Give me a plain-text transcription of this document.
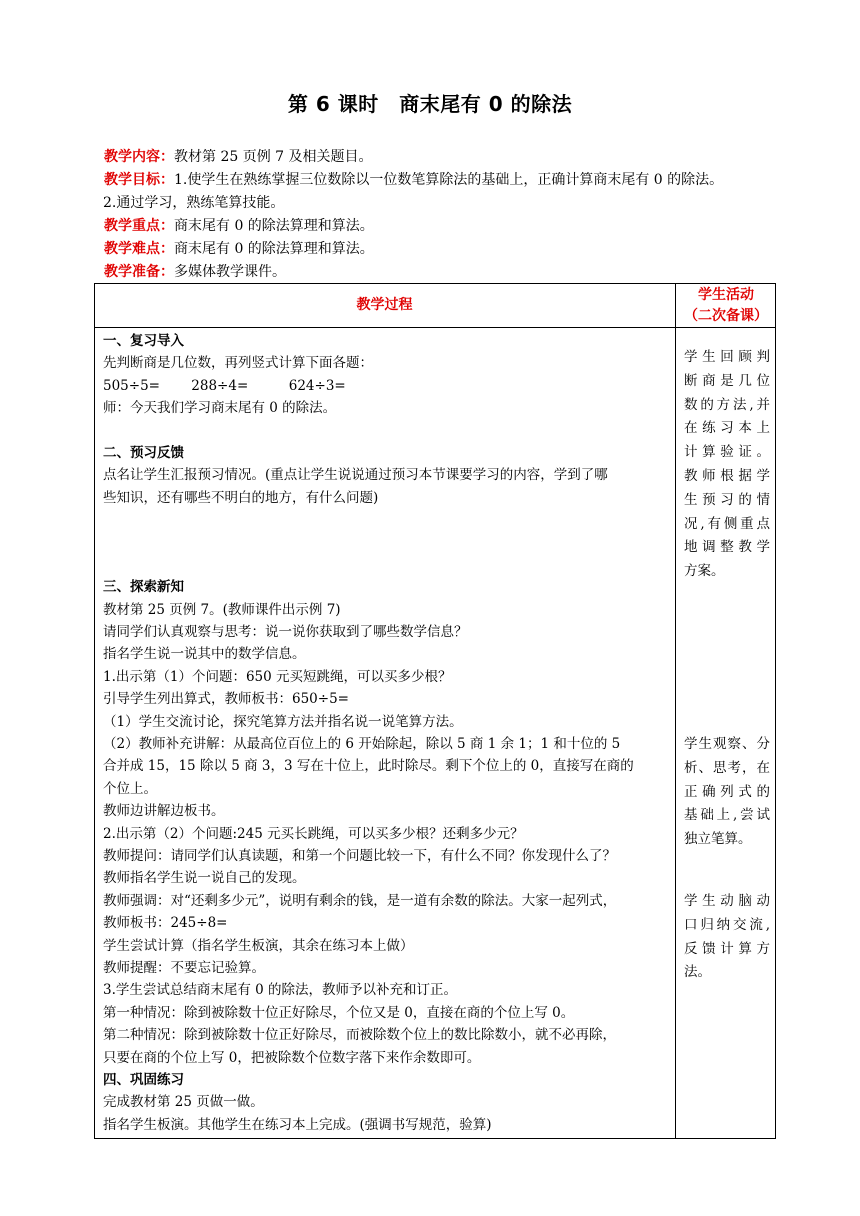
第 6 课时　商末尾有 0 的除法
教学内容：教材第 25 页例 7 及相关题目。
教学目标：1.使学生在熟练掌握三位数除以一位数笔算除法的基础上，正确计算商末尾有 0 的除法。
2.通过学习，熟练笔算技能。
教学重点：商末尾有 0 的除法算理和算法。
教学难点：商末尾有 0 的除法算理和算法。
教学准备：多媒体教学课件。
教学过程
学生活动
（二次备课）
一、复习导入
先判断商是几位数，再列竖式计算下面各题：
505÷5=　　 288÷4=　　　624÷3=
师：今天我们学习商末尾有 0 的除法。
二、预习反馈
点名让学生汇报预习情况。(重点让学生说说通过预习本节课要学习的内容，学到了哪
些知识，还有哪些不明白的地方，有什么问题)
三、探索新知
教材第 25 页例 7。(教师课件出示例 7)
请同学们认真观察与思考：说一说你获取到了哪些数学信息？
指名学生说一说其中的数学信息。
1.出示第（1）个问题：650 元买短跳绳，可以买多少根？
引导学生列出算式，教师板书：650÷5=
（1）学生交流讨论，探究笔算方法并指名说一说笔算方法。
（2）教师补充讲解：从最高位百位上的 6 开始除起，除以 5 商 1 余 1；1 和十位的 5
合并成 15，15 除以 5 商 3，3 写在十位上，此时除尽。剩下个位上的 0，直接写在商的
个位上。
教师边讲解边板书。
2.出示第（2）个问题:245 元买长跳绳，可以买多少根？还剩多少元？
教师提问：请同学们认真读题，和第一个问题比较一下，有什么不同？你发现什么了？
教师指名学生说一说自己的发现。
教师强调：对“还剩多少元”，说明有剩余的钱，是一道有余数的除法。大家一起列式，
教师板书：245÷8=
学生尝试计算（指名学生板演，其余在练习本上做）
教师提醒：不要忘记验算。
3.学生尝试总结商末尾有 0 的除法，教师予以补充和订正。
第一种情况：除到被除数十位正好除尽，个位又是 0，直接在商的个位上写 0。
第二种情况：除到被除数十位正好除尽，而被除数个位上的数比除数小，就不必再除，
只要在商的个位上写 0，把被除数个位数字落下来作余数即可。
四、巩固练习
完成教材第 25 页做一做。
指名学生板演。其他学生在练习本上完成。(强调书写规范，验算)
学生回顾判
断商是几位
数的方法,并
在练习本上
计算验证。
教师根据学
生预习的情
况,有侧重点
地调整教学
方案。
学生观察、分
析、思考，在
正确列式的
基础上,尝试
独立笔算。
学生动脑动
口归纳交流,
反馈计算方
法。
